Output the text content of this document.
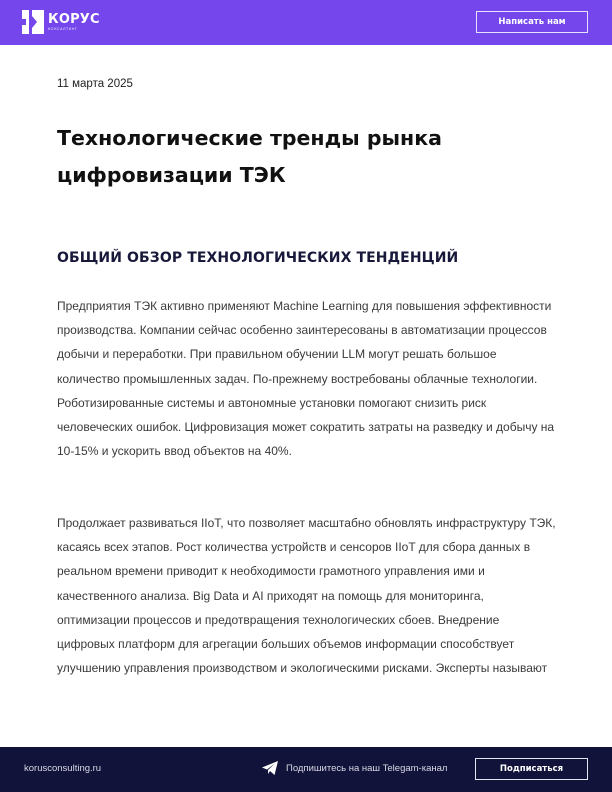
КОРУС
КОНСАЛТИНГ
Написать нам
11 марта 2025
Технологические тренды рынка цифровизации ТЭК
ОБЩИЙ ОБЗОР ТЕХНОЛОГИЧЕСКИХ ТЕНДЕНЦИЙ

Предприятия ТЭК активно применяют Machine Learning для повышения эффективности производства. Компании сейчас особенно заинтересованы в автоматизации процессов добычи и переработки. При правильном обучении LLM могут решать большое количество промышленных задач. По-прежнему востребованы облачные технологии. Роботизированные системы и автономные установки помогают снизить риск человеческих ошибок. Цифровизация может сократить затраты на разведку и добычу на 10-15% и ускорить ввод объектов на 40%.

Продолжает развиваться IIoT, что позволяет масштабно обновлять инфраструктуру ТЭК, касаясь всех этапов. Рост количества устройств и сенсоров IIoT для сбора данных в реальном времени приводит к необходимости грамотного управления ими и качественного анализа. Big Data и AI приходят на помощь для мониторинга, оптимизации процессов и предотвращения технологических сбоев. Внедрение цифровых платформ для агрегации больших объемов информации способствует улучшению управления производством и экологическими рисками. Эксперты называют

korusconsulting.ru	Подпишитесь на наш Telegam-канал	Подписаться
